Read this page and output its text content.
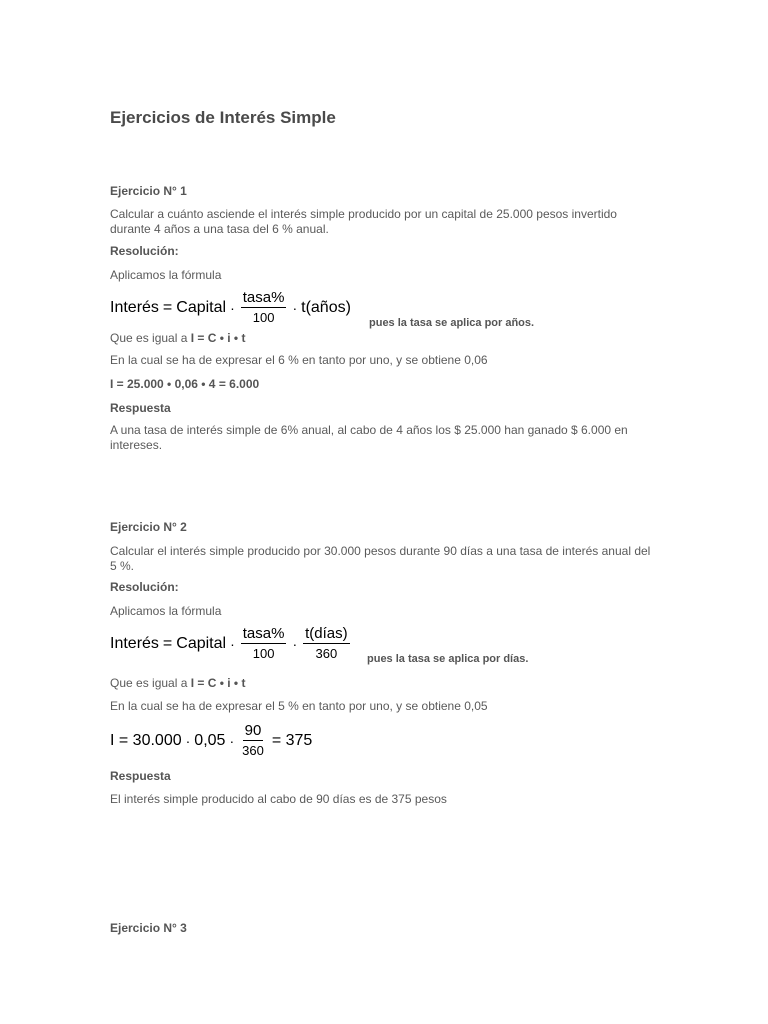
Ejercicios de Interés Simple

Ejercicio N° 1

Calcular a cuánto asciende el interés simple producido por un capital de 25.000 pesos invertido durante 4 años a una tasa del 6 % anual.

Resolución:

Aplicamos la fórmula

Interés = Capital · $\frac{\text{tasa\%}}{100}$ · t(años)

pues la tasa se aplica por años.

Que es igual a I = C • i • t

En la cual se ha de expresar el 6 % en tanto por uno, y se obtiene 0,06

I = 25.000 • 0,06 • 4 = 6.000

Respuesta

A una tasa de interés simple de 6% anual, al cabo de 4 años los $ 25.000 han ganado $ 6.000 en intereses.

Ejercicio N° 2

Calcular el interés simple producido por 30.000 pesos durante 90 días a una tasa de interés anual del 5 %.

Resolución:

Aplicamos la fórmula

Interés = Capital · $\frac{\text{tasa\%}}{100} \cdot \frac{\text{t(días)}}{360}$ pues la tasa se aplica por días.

Que es igual a I = C • i • t

En la cual se ha de expresar el 5 % en tanto por uno, y se obtiene 0,05

$I = 30.000 \cdot 0,05 \cdot \frac{90}{360} = 375$

Respuesta

El interés simple producido al cabo de 90 días es de 375 pesos

Ejercicio N° 3
